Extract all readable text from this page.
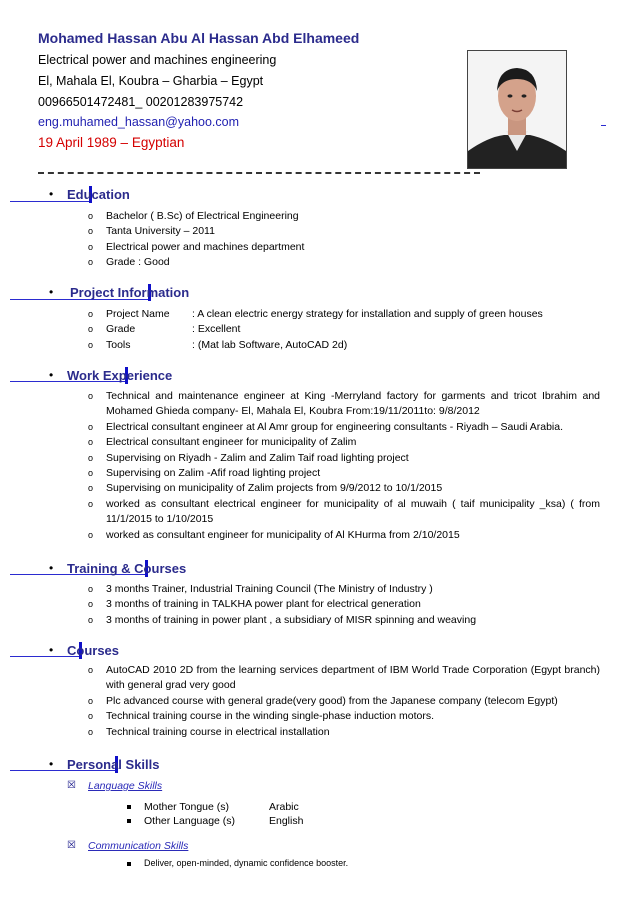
Mohamed Hassan Abu Al Hassan Abd Elhameed
Electrical power and machines engineering
El, Mahala El, Koubra – Gharbia – Egypt
00966501472481_ 00201283975742
eng.muhamed_hassan@yahoo.com
19 April 1989 – Egyptian
• Education
o Bachelor ( B.Sc) of Electrical Engineering
o Tanta University – 2011
o Electrical power and machines department
o Grade : Good
• Project Information
o Project Name : A clean electric energy strategy for installation and supply of green houses
o Grade	: Excellent
o Tools	: (Mat lab Software, AutoCAD 2d)
• Work Experience
o Technical and maintenance engineer at King -Merryland factory for garments and tricot Ibrahim and Mohamed Ghieda company- El, Mahala El, Koubra From:19/11/2011to: 9/8/2012
o Electrical consultant engineer at Al Amr group for engineering consultants - Riyadh – Saudi Arabia.
o Electrical consultant engineer for municipality of Zalim
o Supervising on Riyadh - Zalim and Zalim Taif road lighting project
o Supervising on Zalim -Afif road lighting project
o Supervising on municipality of Zalim projects from 9/9/2012 to 10/1/2015
o worked as consultant electrical engineer for municipality of al muwaih ( taif municipality _ksa) ( from 11/1/2015 to 1/10/2015
o worked as consultant engineer for municipality of Al KHurma from 2/10/2015
• Training & Courses
o 3 months Trainer, Industrial Training Council (The Ministry of Industry )
o 3 months of training in TALKHA power plant for electrical generation
o 3 months of training in power plant , a subsidiary of MISR spinning and weaving
• Courses
o AutoCAD 2010 2D from the learning services department of IBM World Trade Corporation (Egypt branch) with general grad very good
o Plc advanced course with general grade(very good) from the Japanese company (telecom Egypt)
o Technical training course in the winding single-phase induction motors.
o Technical training course in electrical installation
• Personal Skills
☒ Language Skills
Mother Tongue (s)	Arabic
Other Language (s)	English
☒ Communication Skills
Deliver, open-minded, dynamic confidence booster.
